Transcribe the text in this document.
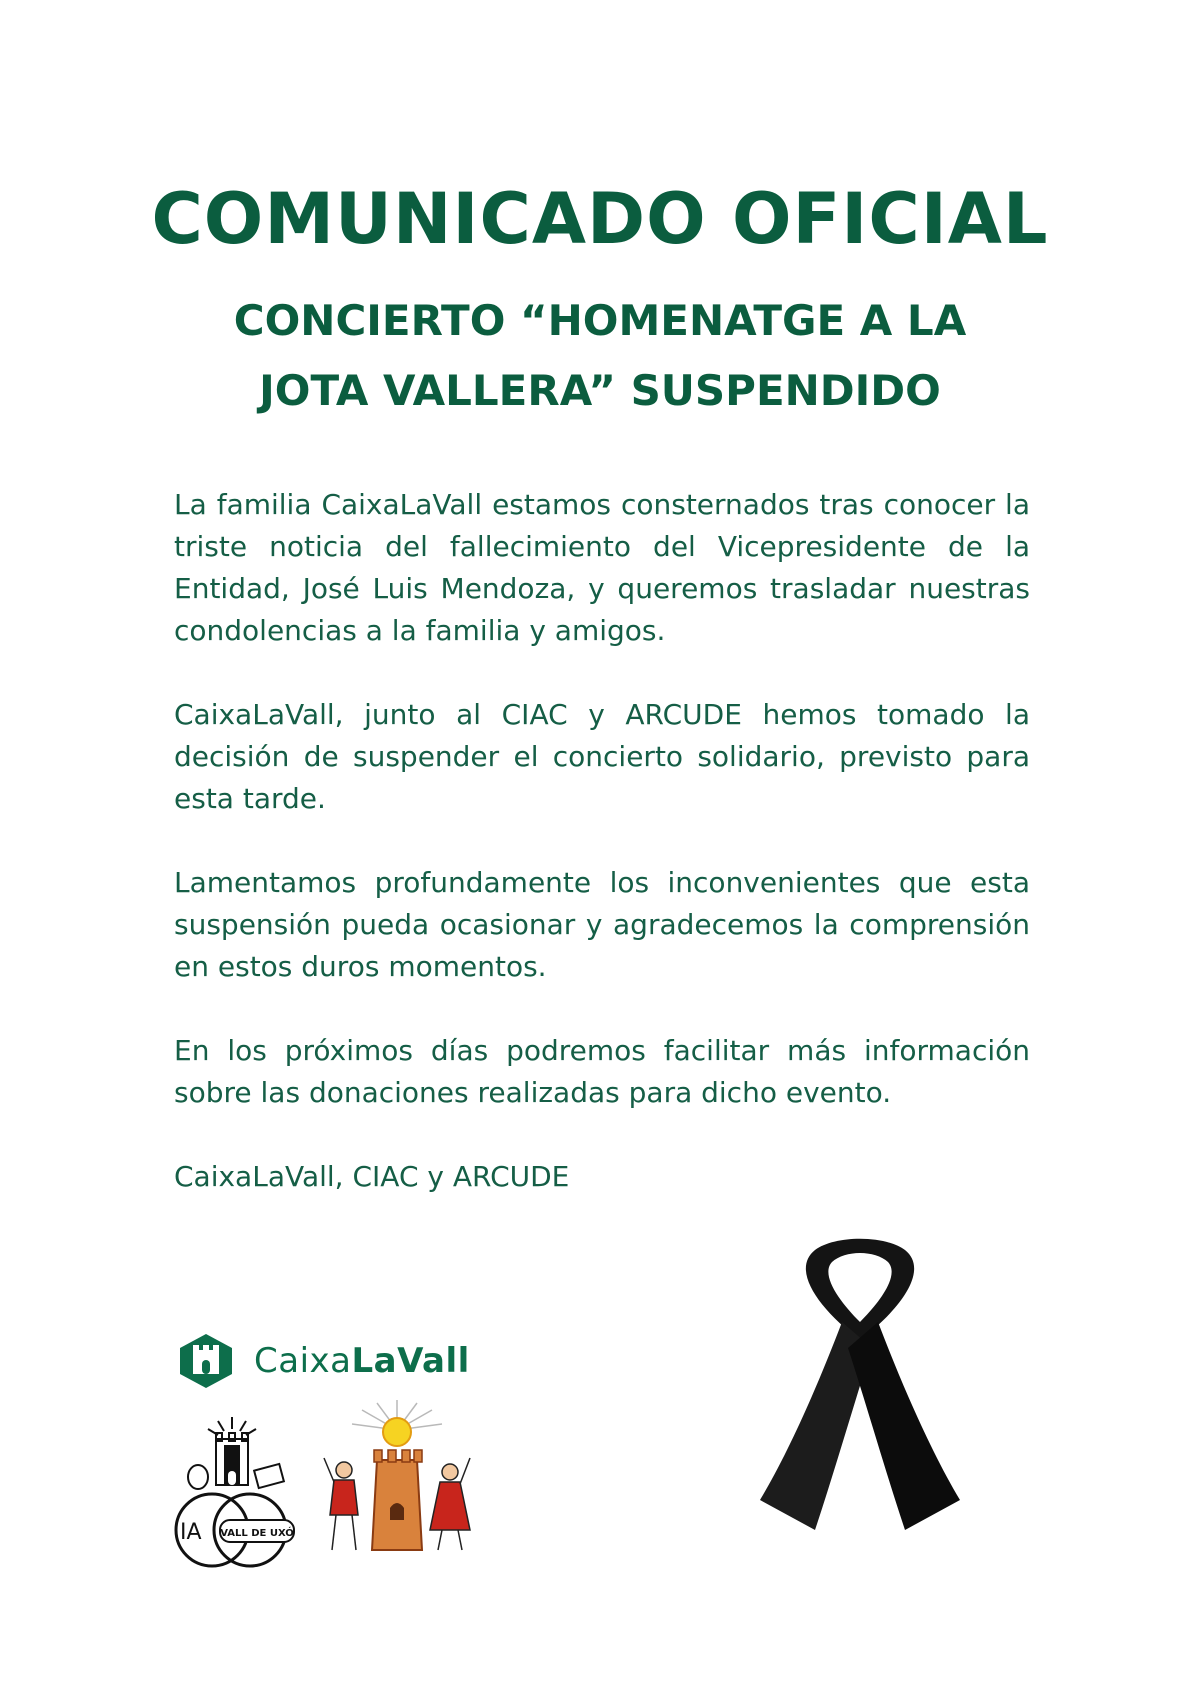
COMUNICADO OFICIAL
CONCIERTO “HOMENATGE A LA
JOTA VALLERA” SUSPENDIDO

La familia CaixaLaVall estamos consternados tras conocer la triste noticia del fallecimiento del Vicepresidente de la Entidad, José Luis Mendoza, y queremos trasladar nuestras condolencias a la familia y amigos.

CaixaLaVall, junto al CIAC y ARCUDE hemos tomado la decisión de suspender el concierto solidario, previsto para esta tarde.

Lamentamos profundamente los inconvenientes que esta suspensión pueda ocasionar y agradecemos la comprensión en estos duros momentos.

En los próximos días podremos facilitar más información sobre las donaciones realizadas para dicho evento.

CaixaLaVall, CIAC y ARCUDE

CaixaLaVall
IA VALL DE UXÓ
